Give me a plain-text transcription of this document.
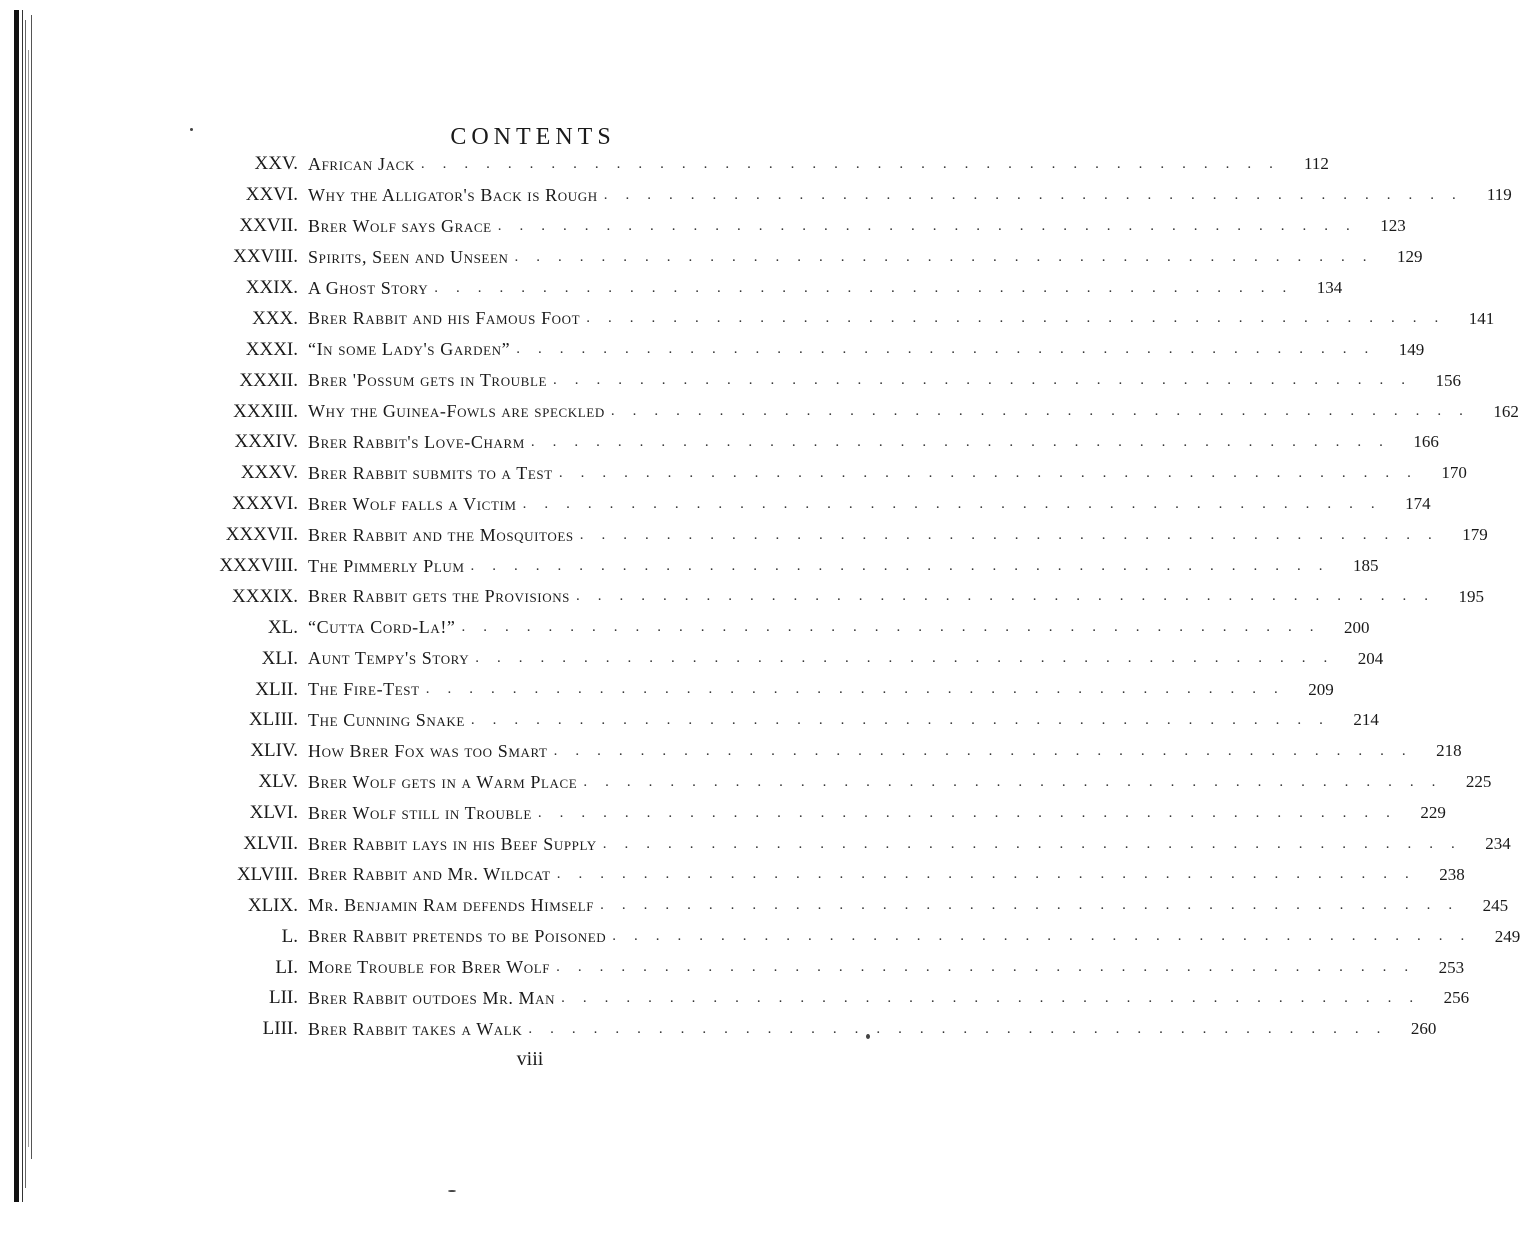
CONTENTS
XXV. African Jack ........................................ 112
XXVI. Why the Alligator's Back is Rough ........................................ 119
XXVII. Brer Wolf says Grace ........................................ 123
XXVIII. Spirits, Seen and Unseen ........................................ 129
XXIX. A Ghost Story ........................................ 134
XXX. Brer Rabbit and his Famous Foot ........................................ 141
XXXI. “In some Lady's Garden” ........................................ 149
XXXII. Brer 'Possum gets in Trouble ........................................ 156
XXXIII. Why the Guinea-Fowls are speckled ........................................ 162
XXXIV. Brer Rabbit's Love-Charm ........................................ 166
XXXV. Brer Rabbit submits to a Test ........................................ 170
XXXVI. Brer Wolf falls a Victim ........................................ 174
XXXVII. Brer Rabbit and the Mosquitoes ........................................ 179
XXXVIII. The Pimmerly Plum ........................................ 185
XXXIX. Brer Rabbit gets the Provisions ........................................ 195
XL. “Cutta Cord-La!” ........................................ 200
XLI. Aunt Tempy's Story ........................................ 204
XLII. The Fire-Test ........................................ 209
XLIII. The Cunning Snake ........................................ 214
XLIV. How Brer Fox was too Smart ........................................ 218
XLV. Brer Wolf gets in a Warm Place ........................................ 225
XLVI. Brer Wolf still in Trouble ........................................ 229
XLVII. Brer Rabbit lays in his Beef Supply ........................................ 234
XLVIII. Brer Rabbit and Mr. Wildcat ........................................ 238
XLIX. Mr. Benjamin Ram defends Himself ........................................ 245
L. Brer Rabbit pretends to be Poisoned ........................................ 249
LI. More Trouble for Brer Wolf ........................................ 253
LII. Brer Rabbit outdoes Mr. Man ........................................ 256
LIII. Brer Rabbit takes a Walk ........................................ 260
viii
